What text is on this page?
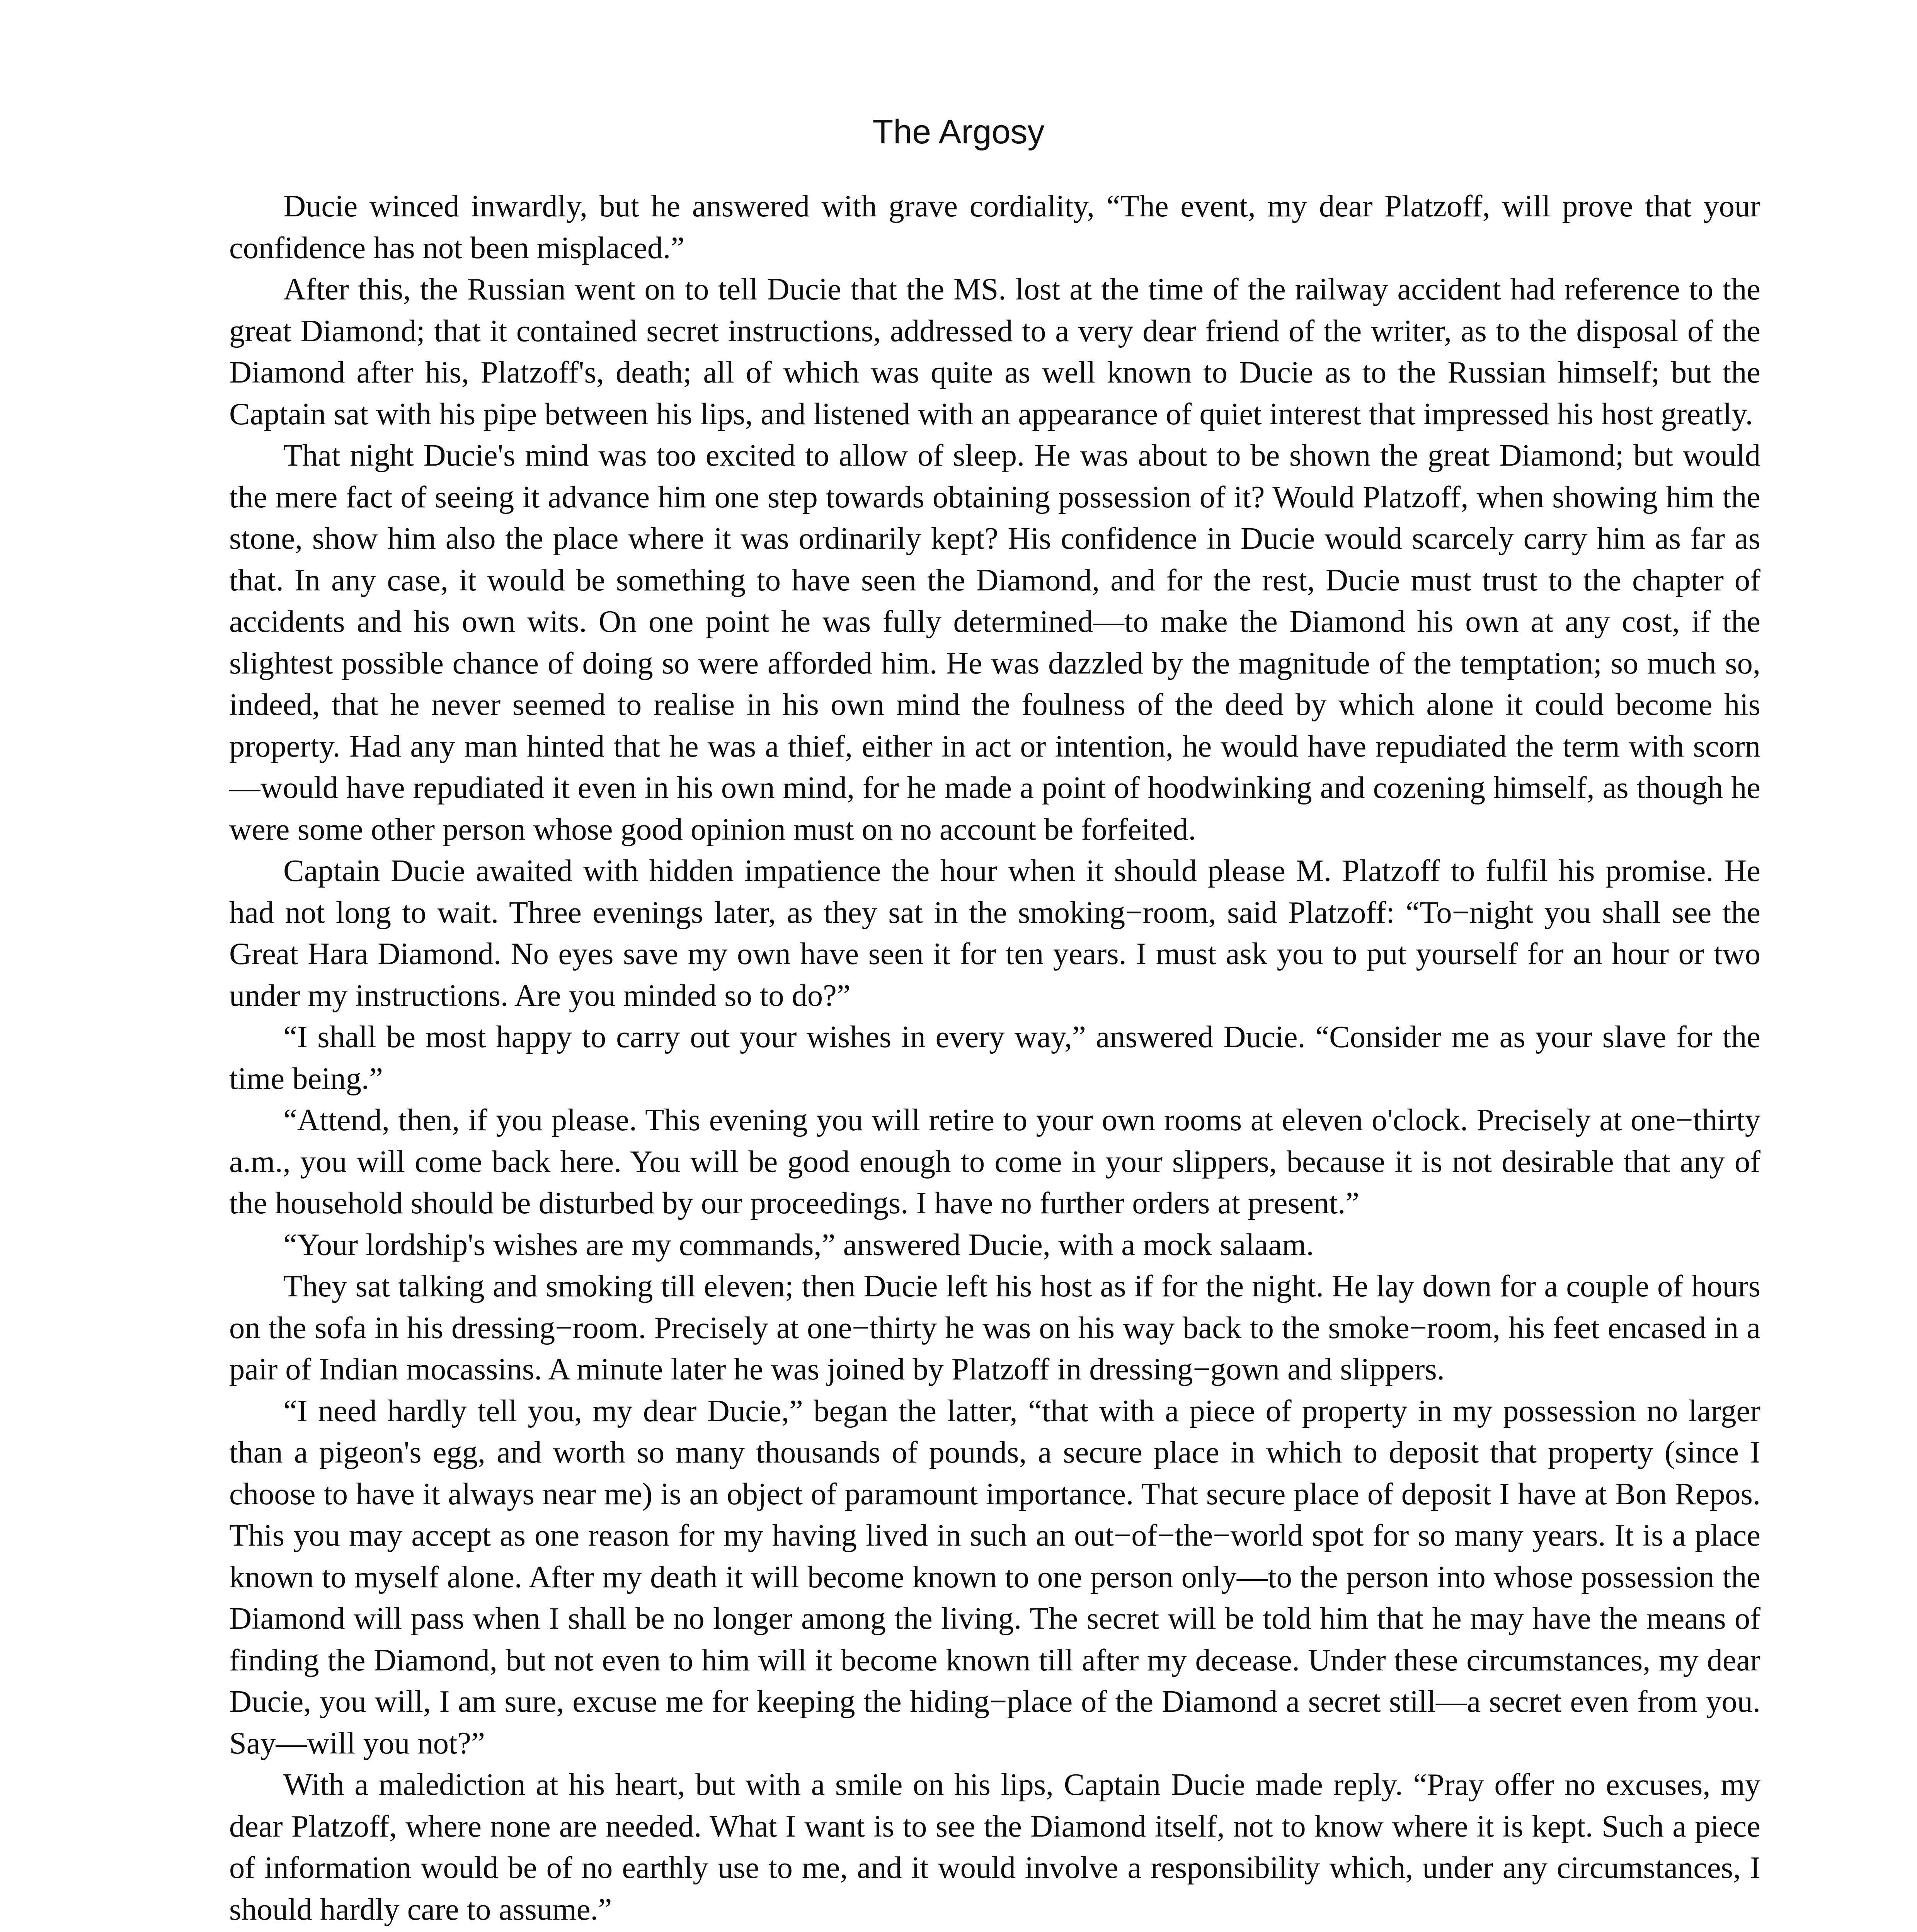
The Argosy

Ducie winced inwardly, but he answered with grave cordiality, “The event, my dear Platzoff, will prove that your confidence has not been misplaced.”

After this, the Russian went on to tell Ducie that the MS. lost at the time of the railway accident had reference to the great Diamond; that it contained secret instructions, addressed to a very dear friend of the writer, as to the disposal of the Diamond after his, Platzoff's, death; all of which was quite as well known to Ducie as to the Russian himself; but the Captain sat with his pipe between his lips, and listened with an appearance of quiet interest that impressed his host greatly.

That night Ducie's mind was too excited to allow of sleep. He was about to be shown the great Diamond; but would the mere fact of seeing it advance him one step towards obtaining possession of it? Would Platzoff, when showing him the stone, show him also the place where it was ordinarily kept? His confidence in Ducie would scarcely carry him as far as that. In any case, it would be something to have seen the Diamond, and for the rest, Ducie must trust to the chapter of accidents and his own wits. On one point he was fully determined—to make the Diamond his own at any cost, if the slightest possible chance of doing so were afforded him. He was dazzled by the magnitude of the temptation; so much so, indeed, that he never seemed to realise in his own mind the foulness of the deed by which alone it could become his property. Had any man hinted that he was a thief, either in act or intention, he would have repudiated the term with scorn—would have repudiated it even in his own mind, for he made a point of hoodwinking and cozening himself, as though he were some other person whose good opinion must on no account be forfeited.

Captain Ducie awaited with hidden impatience the hour when it should please M. Platzoff to fulfil his promise. He had not long to wait. Three evenings later, as they sat in the smoking−room, said Platzoff: “To−night you shall see the Great Hara Diamond. No eyes save my own have seen it for ten years. I must ask you to put yourself for an hour or two under my instructions. Are you minded so to do?”

“I shall be most happy to carry out your wishes in every way,” answered Ducie. “Consider me as your slave for the time being.”

“Attend, then, if you please. This evening you will retire to your own rooms at eleven o'clock. Precisely at one−thirty a.m., you will come back here. You will be good enough to come in your slippers, because it is not desirable that any of the household should be disturbed by our proceedings. I have no further orders at present.”

“Your lordship's wishes are my commands,” answered Ducie, with a mock salaam.

They sat talking and smoking till eleven; then Ducie left his host as if for the night. He lay down for a couple of hours on the sofa in his dressing−room. Precisely at one−thirty he was on his way back to the smoke−room, his feet encased in a pair of Indian mocassins. A minute later he was joined by Platzoff in dressing−gown and slippers.

“I need hardly tell you, my dear Ducie,” began the latter, “that with a piece of property in my possession no larger than a pigeon's egg, and worth so many thousands of pounds, a secure place in which to deposit that property (since I choose to have it always near me) is an object of paramount importance. That secure place of deposit I have at Bon Repos. This you may accept as one reason for my having lived in such an out−of−the−world spot for so many years. It is a place known to myself alone. After my death it will become known to one person only—to the person into whose possession the Diamond will pass when I shall be no longer among the living. The secret will be told him that he may have the means of finding the Diamond, but not even to him will it become known till after my decease. Under these circumstances, my dear Ducie, you will, I am sure, excuse me for keeping the hiding−place of the Diamond a secret still—a secret even from you. Say—will you not?”

With a malediction at his heart, but with a smile on his lips, Captain Ducie made reply. “Pray offer no excuses, my dear Platzoff, where none are needed. What I want is to see the Diamond itself, not to know where it is kept. Such a piece of information would be of no earthly use to me, and it would involve a responsibility which, under any circumstances, I should hardly care to assume.”
